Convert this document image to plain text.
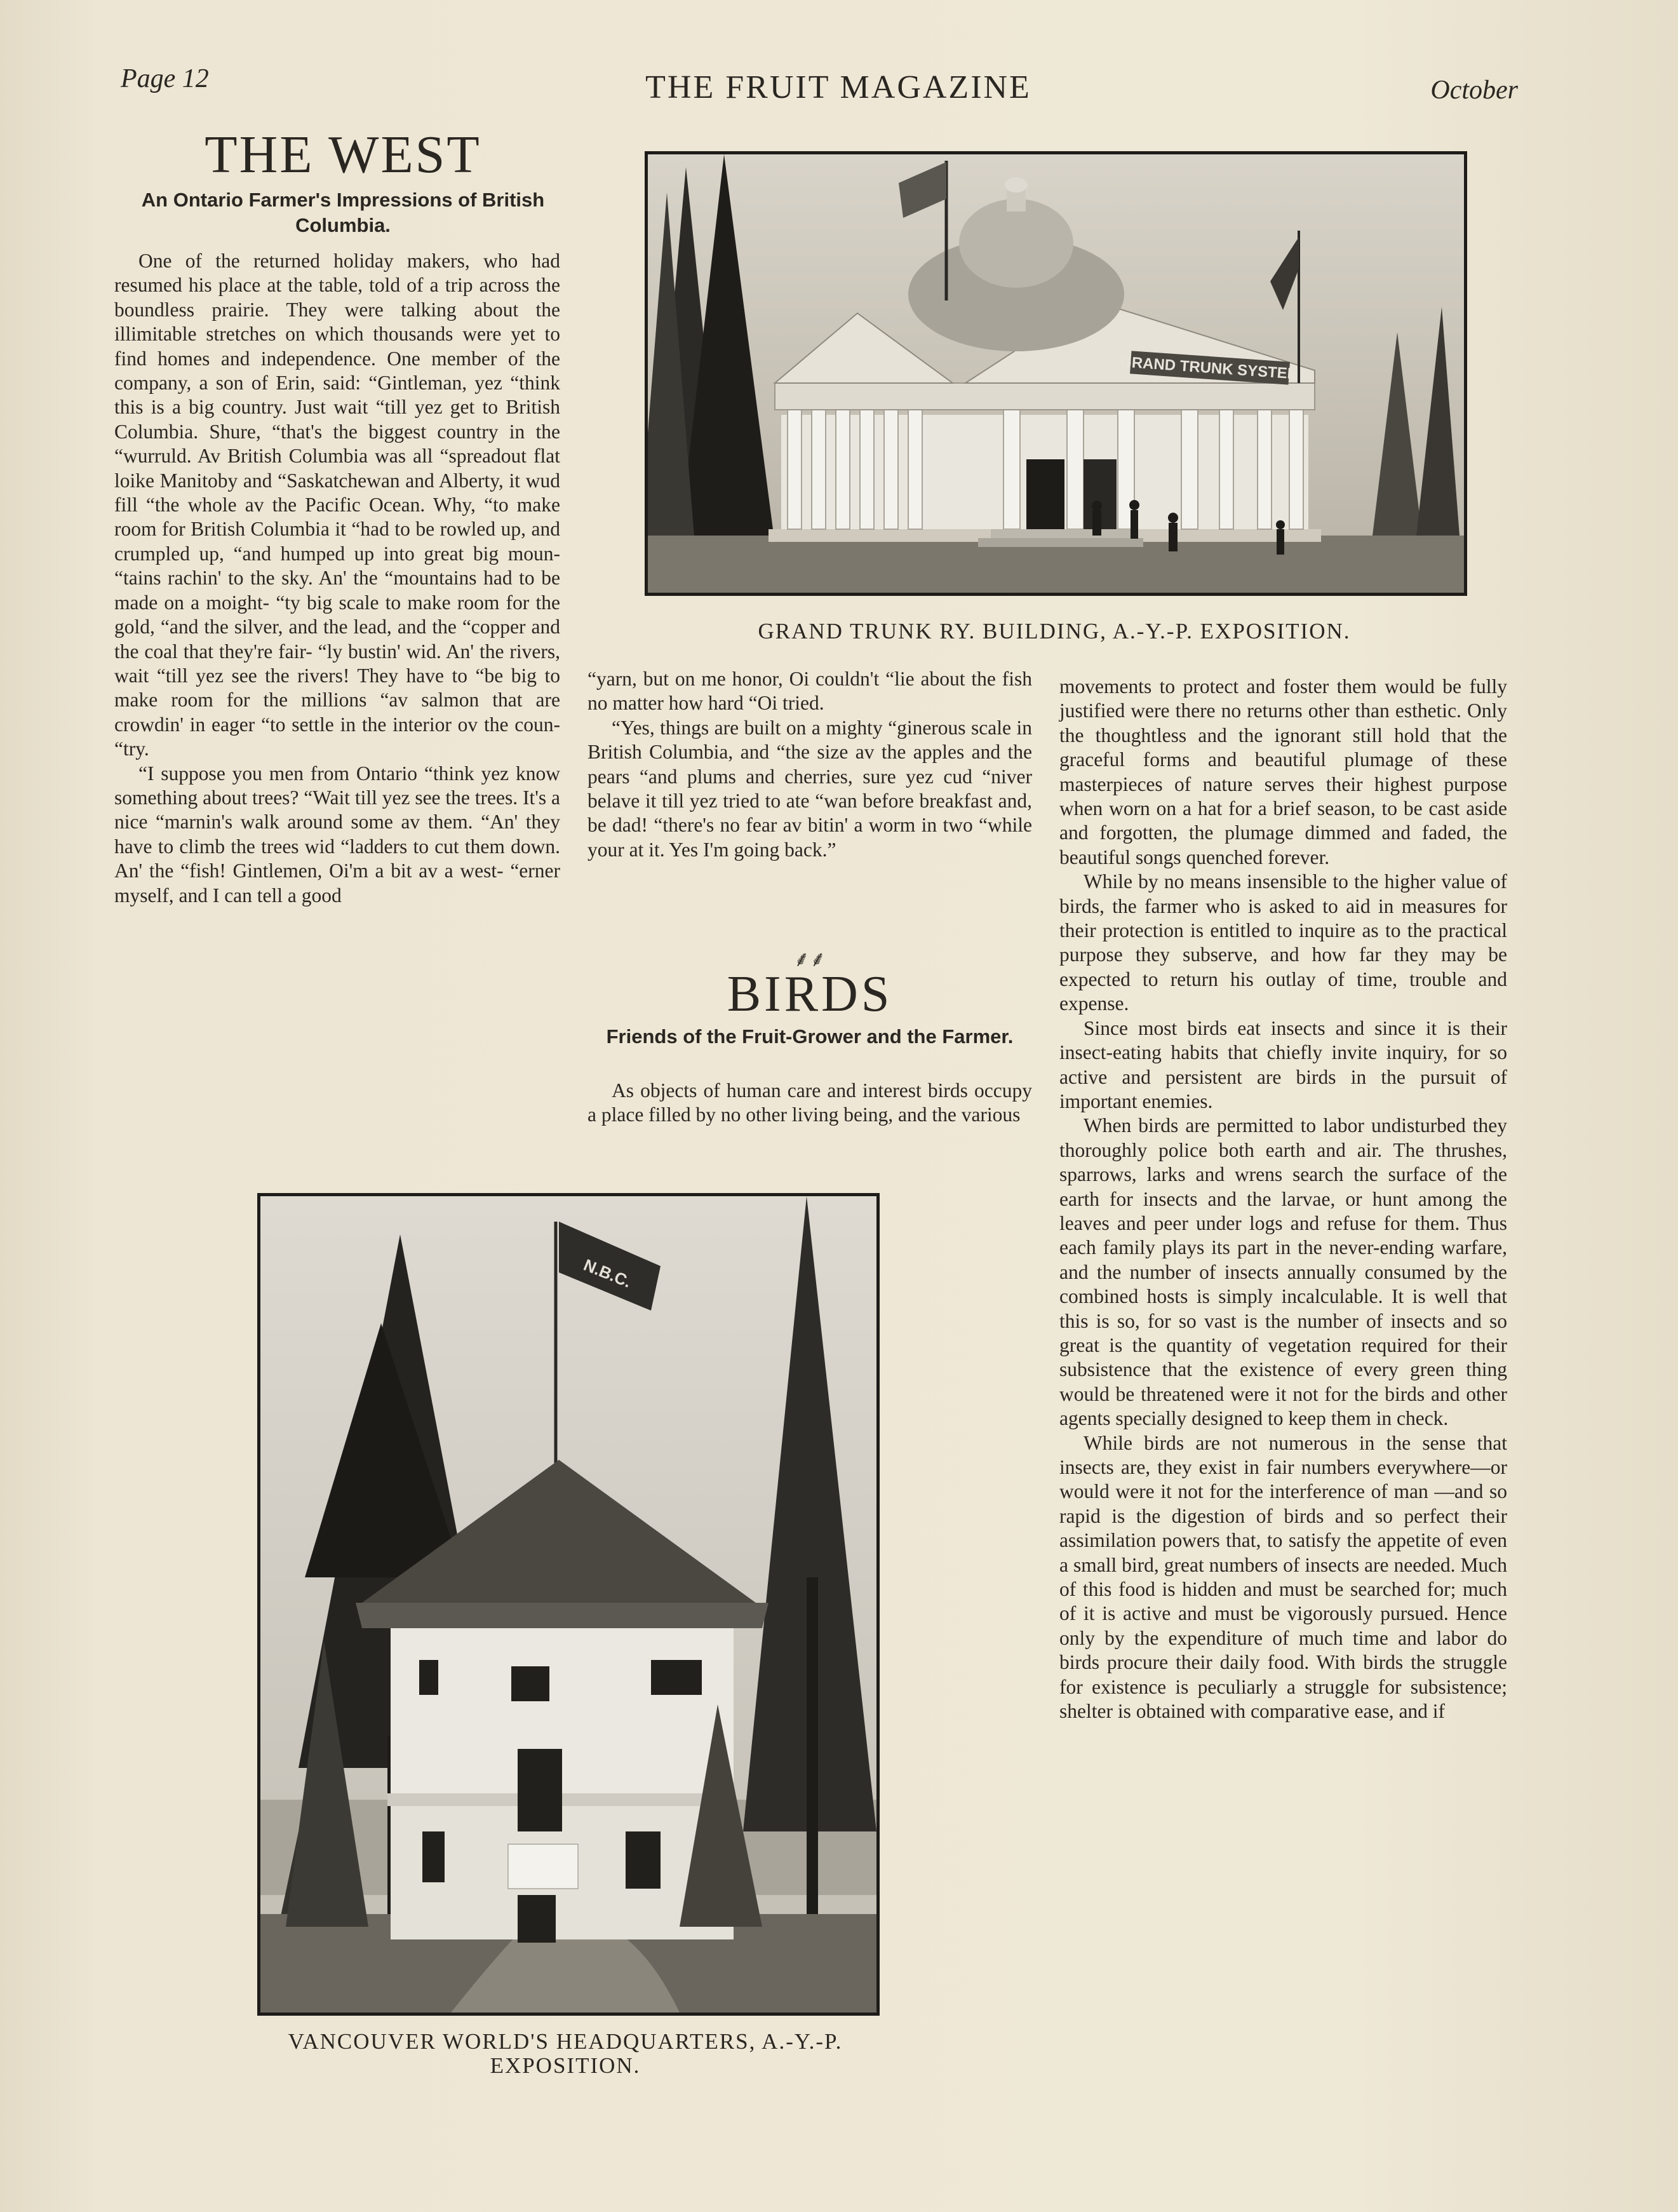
Page 12	THE FRUIT MAGAZINE	October
THE WEST
An Ontario Farmer's Impressions of British Columbia.

One of the returned holiday makers, who had resumed his place at the table, told of a trip across the boundless prairie. They were talking about the illimitable stretches on which thousands were yet to find homes and independence. One member of the company, a son of Erin, said: “Gintleman, yez “think this is a big country. Just wait “till yez get to British Columbia. Shure, “that's the biggest country in the “wurruld. Av British Columbia was all “spreadout flat loike Manitoby and “Saskatchewan and Alberty, it wud fill “the whole av the Pacific Ocean. Why, “to make room for British Columbia it “had to be rowled up, and crumpled up, “and humped up into great big moun- “tains rachin' to the sky. An' the “mountains had to be made on a moight- “ty big scale to make room for the gold, “and the silver, and the lead, and the “copper and the coal that they're fair- “ly bustin' wid. An' the rivers, wait “till yez see the rivers! They have to “be big to make room for the millions “av salmon that are crowdin' in eager “to settle in the interior ov the coun- “try.

“I suppose you men from Ontario “think yez know something about trees? “Wait till yez see the trees. It's a nice “marnin's walk around some av them. “An' they have to climb the trees wid “ladders to cut them down. An' the “fish! Gintlemen, Oi'm a bit av a west- “erner myself, and I can tell a good

GRAND TRUNK SYSTEM
GRAND TRUNK RY. BUILDING, A.-Y.-P. EXPOSITION.

“yarn, but on me honor, Oi couldn't “lie about the fish no matter how hard “Oi tried.

“Yes, things are built on a mighty “ginerous scale in British Columbia, and “the size av the apples and the pears “and plums and cherries, sure yez cud “niver belave it till yez tried to ate “wan before breakfast and, be dad! “there's no fear av bitin' a worm in two “while your at it. Yes I'm going back.”

⸙⸙
BIRDS
Friends of the Fruit-Grower and the Farmer.

As objects of human care and interest birds occupy a place filled by no other living being, and the various

movements to protect and foster them would be fully justified were there no returns other than esthetic. Only the thoughtless and the ignorant still hold that the graceful forms and beautiful plumage of these masterpieces of nature serves their highest purpose when worn on a hat for a brief season, to be cast aside and forgotten, the plumage dimmed and faded, the beautiful songs quenched forever.

While by no means insensible to the higher value of birds, the farmer who is asked to aid in measures for their protection is entitled to inquire as to the practical purpose they subserve, and how far they may be expected to return his outlay of time, trouble and expense.

Since most birds eat insects and since it is their insect-eating habits that chiefly invite inquiry, for so active and persistent are birds in the pursuit of important enemies.

When birds are permitted to labor undisturbed they thoroughly police both earth and air. The thrushes, sparrows, larks and wrens search the surface of the earth for insects and the larvae, or hunt among the leaves and peer under logs and refuse for them. Thus each family plays its part in the never-ending warfare, and the number of insects annually consumed by the combined hosts is simply incalculable. It is well that this is so, for so vast is the number of insects and so great is the quantity of vegetation required for their subsistence that the existence of every green thing would be threatened were it not for the birds and other agents specially designed to keep them in check.

While birds are not numerous in the sense that insects are, they exist in fair numbers everywhere—or would were it not for the interference of man —and so rapid is the digestion of birds and so perfect their assimilation powers that, to satisfy the appetite of even a small bird, great numbers of insects are needed. Much of this food is hidden and must be searched for; much of it is active and must be vigorously pursued. Hence only by the expenditure of much time and labor do birds procure their daily food. With birds the struggle for existence is peculiarly a struggle for subsistence; shelter is obtained with comparative ease, and if

N.B.C.
VANCOUVER WORLD'S HEADQUARTERS, A.-Y.-P. EXPOSITION.
